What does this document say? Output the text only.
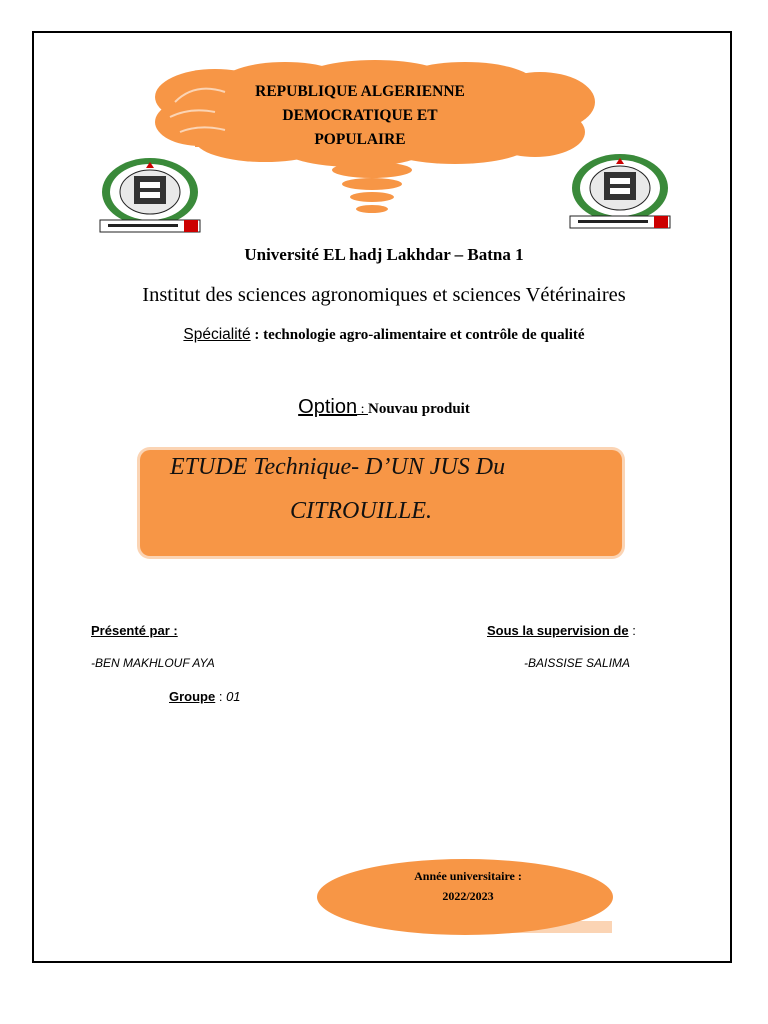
REPUBLIQUE ALGERIENNE
DEMOCRATIQUE ET
POPULAIRE
Université EL hadj Lakhdar – Batna 1
Institut des sciences agronomiques et sciences Vétérinaires
Spécialité : technologie agro-alimentaire et contrôle de qualité
Option : Nouvau produit
ETUDE Technique- D’UN JUS Du
CITROUILLE.
Présenté par :	Sous la supervision de :
-BEN MAKHLOUF AYA	-BAISSISE SALIMA
Groupe : 01
Année universitaire :
2022/2023
